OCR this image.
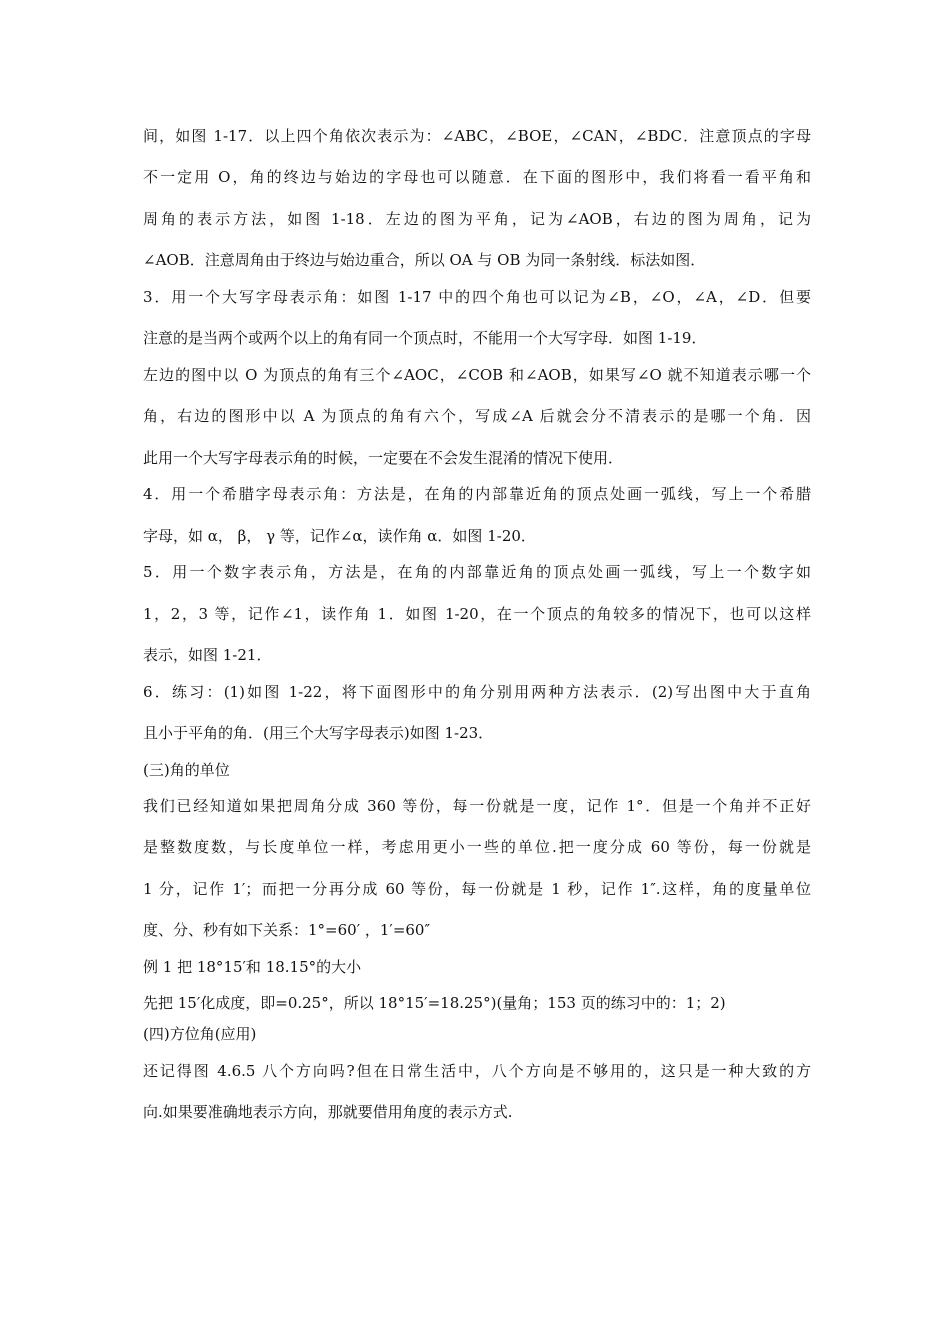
间，如图 1-17．以上四个角依次表示为：∠ABC，∠BOE，∠CAN，∠BDC．注意顶点的字母
不一定用 O，角的终边与始边的字母也可以随意．在下面的图形中，我们将看一看平角和
周角的表示方法，如图 1-18．左边的图为平角，记为∠AOB，右边的图为周角，记为
∠AOB．注意周角由于终边与始边重合，所以 OA 与 OB 为同一条射线．标法如图．
3．用一个大写字母表示角：如图 1-17 中的四个角也可以记为∠B，∠O，∠A，∠D．但要
注意的是当两个或两个以上的角有同一个顶点时，不能用一个大写字母．如图 1-19．
左边的图中以 O 为顶点的角有三个∠AOC，∠COB 和∠AOB，如果写∠O 就不知道表示哪一个
角，右边的图形中以 A 为顶点的角有六个，写成∠A 后就会分不清表示的是哪一个角．因
此用一个大写字母表示角的时候，一定要在不会发生混淆的情况下使用．
4．用一个希腊字母表示角：方法是，在角的内部靠近角的顶点处画一弧线，写上一个希腊
字母，如 α， β， γ 等，记作∠α，读作角 α．如图 1-20．
5．用一个数字表示角，方法是，在角的内部靠近角的顶点处画一弧线，写上一个数字如
1，2，3 等，记作∠1，读作角 1．如图 1-20，在一个顶点的角较多的情况下，也可以这样
表示，如图 1-21．
6．练习：(1)如图 1-22，将下面图形中的角分别用两种方法表示．(2)写出图中大于直角
且小于平角的角．(用三个大写字母表示)如图 1-23．
(三)角的单位
我们已经知道如果把周角分成 360 等份，每一份就是一度，记作 1°．但是一个角并不正好
是整数度数，与长度单位一样，考虑用更小一些的单位.把一度分成 60 等份，每一份就是
1 分，记作 1′；而把一分再分成 60 等份，每一份就是 1 秒，记作 1″.这样，角的度量单位
度、分、秒有如下关系：1°=60′ ，1′=60″
例 1 把 18°15′和 18.15°的大小
先把 15′化成度，即=0.25°，所以 18°15′=18.25°)(量角；153 页的练习中的：1；2)
(四)方位角(应用)
还记得图 4.6.5 八个方向吗?但在日常生活中，八个方向是不够用的，这只是一种大致的方
向.如果要准确地表示方向，那就要借用角度的表示方式.
